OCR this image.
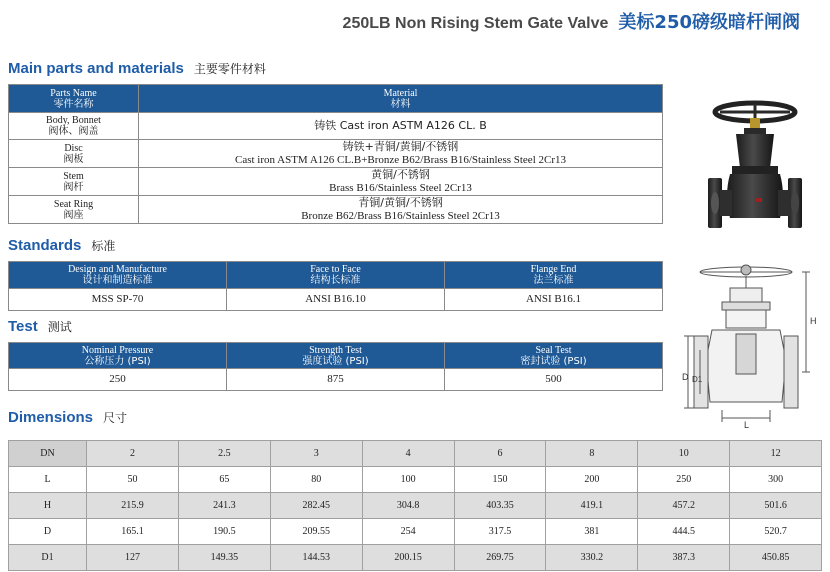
250LB Non Rising Stem Gate Valve 美标250磅级暗杆闸阀
Main parts and materials 主要零件材料
Parts Name
零件名称	Material
材料

Body, Bonnet
阀体、阀盖	铸铁 Cast iron ASTM A126 CL. B

Disc
阀板	铸铁+青铜/黄铜/不锈钢
Cast iron ASTM A126 CL.B+Bronze B62/Brass B16/Stainless Steel 2Cr13

Stem
阀杆	黄铜/不锈钢
Brass B16/Stainless Steel 2Cr13

Seat Ring
阀座	青铜/黄铜/不锈钢
Bronze B62/Brass B16/Stainless Steel 2Cr13
Standards 标准
Design and Manufacture
设计和制造标准	Face to Face
结构长标准	Flange End
法兰标准

MSS SP-70	ANSI B16.10	ANSI B16.1
Test 测试
Nominal Pressure
公称压力 (PSI)	Strength Test
强度试验 (PSI)	Seal Test
密封试验 (PSI)

250	875	500
Dimensions 尺寸
DN	2	2.5	3	4	6	8	10	12
L	50	65	80	100	150	200	250	300
H	215.9	241.3	282.45	304.8	403.35	419.1	457.2	501.6
D	165.1	190.5	209.55	254	317.5	381	444.5	520.7
D1	127	149.35	144.53	200.15	269.75	330.2	387.3	450.85
H
D D1
L
